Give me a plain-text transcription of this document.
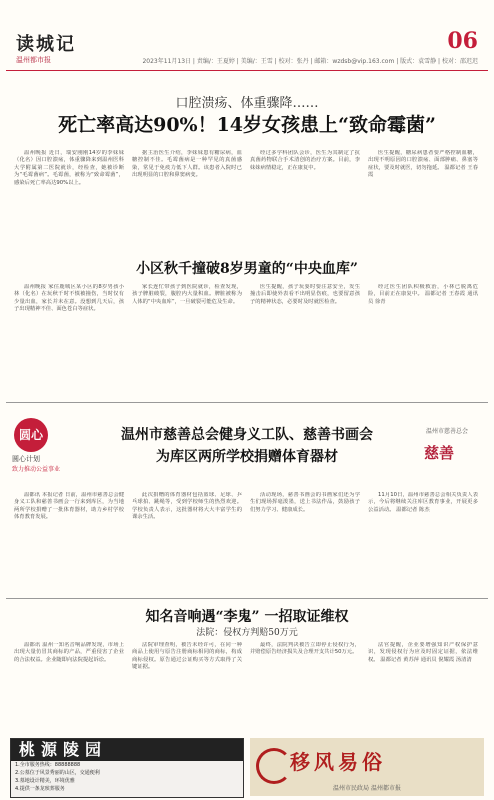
读城记
温州都市报
06
2023年11月13日 | 责编/：王夏婷 | 美编/：王雪 | 校对：张丹 | 邮箱：wzdsb@vip.163.com | 版式：袁雪静 | 校对：邵迟迟
口腔溃疡、体重骤降……
死亡率高达90%！14岁女孩患上“致命霉菌”

温州晚报 近日，瑞安刚刚14岁的李妹妹（化名）因口腔溃疡，体重骤降来到温州医科大学附属第二医院就诊，经检查，她被诊断为“毛霉菌病”。毛霉菌，被称为“致命霉菌”，感染后死亡率高达90%以上。

据主治医生介绍，李妹妹患有糖尿病，血糖控制不佳。毛霉菌病是一种罕见的真菌感染，常见于免疫力低下人群。该患者入院时已出现明显的口腔和鼻窦病变。

经过多学科团队会诊，医生为其制定了抗真菌药物联合手术清创的治疗方案。目前，李妹妹病情稳定，正在康复中。

医生提醒，糖尿病患者要严格控制血糖，出现不明原因的口腔溃疡、面部肿痛、鼻塞等症状，要及时就医，切勿拖延。 温都记者 王春霞

小区秋千撞破8岁男童的“中央血库”

温州晚报 家住鹿城区某小区的8岁男孩小林（化名）在玩秋千时不慎被撞伤，当时仅有少量出血，家长并未在意。没想到几天后，孩子出现精神不佳、面色苍白等症状。

家长连忙带孩子到医院就诊，检查发现，孩子脾脏破裂，腹腔内大量积血。脾脏被称为人体的“中央血库”，一旦破裂可能危及生命。

医生提醒，孩子玩耍时要注意安全，发生撞击后即使外表看不出明显伤痕，也要留意孩子的精神状态，必要时及时就医检查。

经过医生团队积极救治，小林已脱离危险，目前正在康复中。 温都记者 王春霞 通讯员 徐青

圆心
圆心计划
致力推动公益事业
温州市慈善总会
慈善
温州市慈善总会健身义工队、慈善书画会
为库区两所学校捐赠体育器材

温都讯 本报记者 日前，温州市慈善总会健身义工队和慈善书画会一行来到库区，为当地两所学校捐赠了一批体育器材，助力乡村学校体育教育发展。

此次捐赠的体育器材包括篮球、足球、乒乓球拍、跳绳等，受到学校师生的热烈欢迎。学校负责人表示，这批器材将大大丰富学生的课余生活。

活动现场，慈善书画会的书画家们还为学生们现场挥毫泼墨，送上书法作品，鼓励孩子们努力学习、健康成长。

11月10日，温州市慈善总会相关负责人表示，今后将继续关注库区教育事业，开展更多公益活动。 温都记者 陈杰

知名音响遇“李鬼” 一招取证维权
法院：侵权方判赔50万元

温都讯 温州一知名音响品牌发现，市场上出现大量仿冒其商标的产品，严重侵害了企业的合法权益。企业随即向法院提起诉讼。

法院审理查明，被告未经许可，在同一种商品上使用与原告注册商标相同的商标，构成商标侵权。原告通过公证购买等方式取得了关键证据。

最终，法院判决被告立即停止侵权行为，并赔偿原告经济损失及合理开支共计50万元。

法官提醒，企业要增强知识产权保护意识，发现侵权行为应及时固定证据，依法维权。 温都记者 黄苏萍 通讯员 倪耀霞 汤清清

桃源陵园
1.全市服务热线：88888888
2.公墓位于风景秀丽的山区，交通便利
3.墓地设计精美，环境优雅
4.提供一条龙殡葬服务
移风易俗
温州市民政局 温州都市报
